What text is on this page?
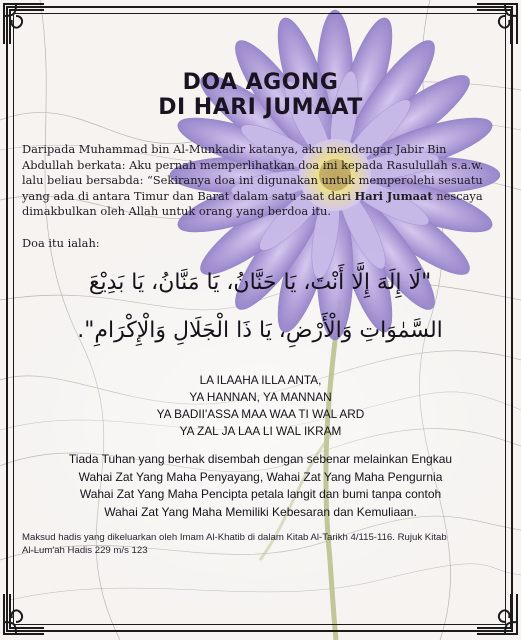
DOA AGONG
DI HARI JUMAAT

Daripada Muhammad bin Al-Munkadir katanya, aku mendengar Jabir Bin

Abdullah berkata: Aku pernah memperlihatkan doa ini kepada Rasulullah s.a.w.

lalu beliau bersabda: “Sekiranya doa ini digunakan untuk memperolehi sesuatu

yang ada di antara Timur dan Barat dalam satu saat dari Hari Jumaat nescaya

dimakbulkan oleh Allah untuk orang yang berdoa itu.

Doa itu ialah:
"لَا إِلَهَ إِلَّا أَنْتَ، يَا حَنَّانُ، يَا مَنَّانُ، يَا بَدِيْعَ
السَّمٰوَاتِ وَالْأَرْضِ، يَا ذَا الْجَلَالِ وَالْإِكْرَامِ".

LA ILAAHA ILLA ANTA,

YA HANNAN, YA MANNAN

YA BADII'ASSA MAA WAA TI WAL ARD

YA ZAL JA LAA LI WAL IKRAM

Tiada Tuhan yang berhak disembah dengan sebenar melainkan Engkau

Wahai Zat Yang Maha Penyayang, Wahai Zat Yang Maha Pengurnia

Wahai Zat Yang Maha Pencipta petala langit dan bumi tanpa contoh

Wahai Zat Yang Maha Memiliki Kebesaran dan Kemuliaan.

Maksud hadis yang dikeluarkan oleh Imam Al-Khatib di dalam Kitab Al-Tarikh 4/115-116. Rujuk Kitab

Al-Lum'ah Hadis 229 m/s 123
